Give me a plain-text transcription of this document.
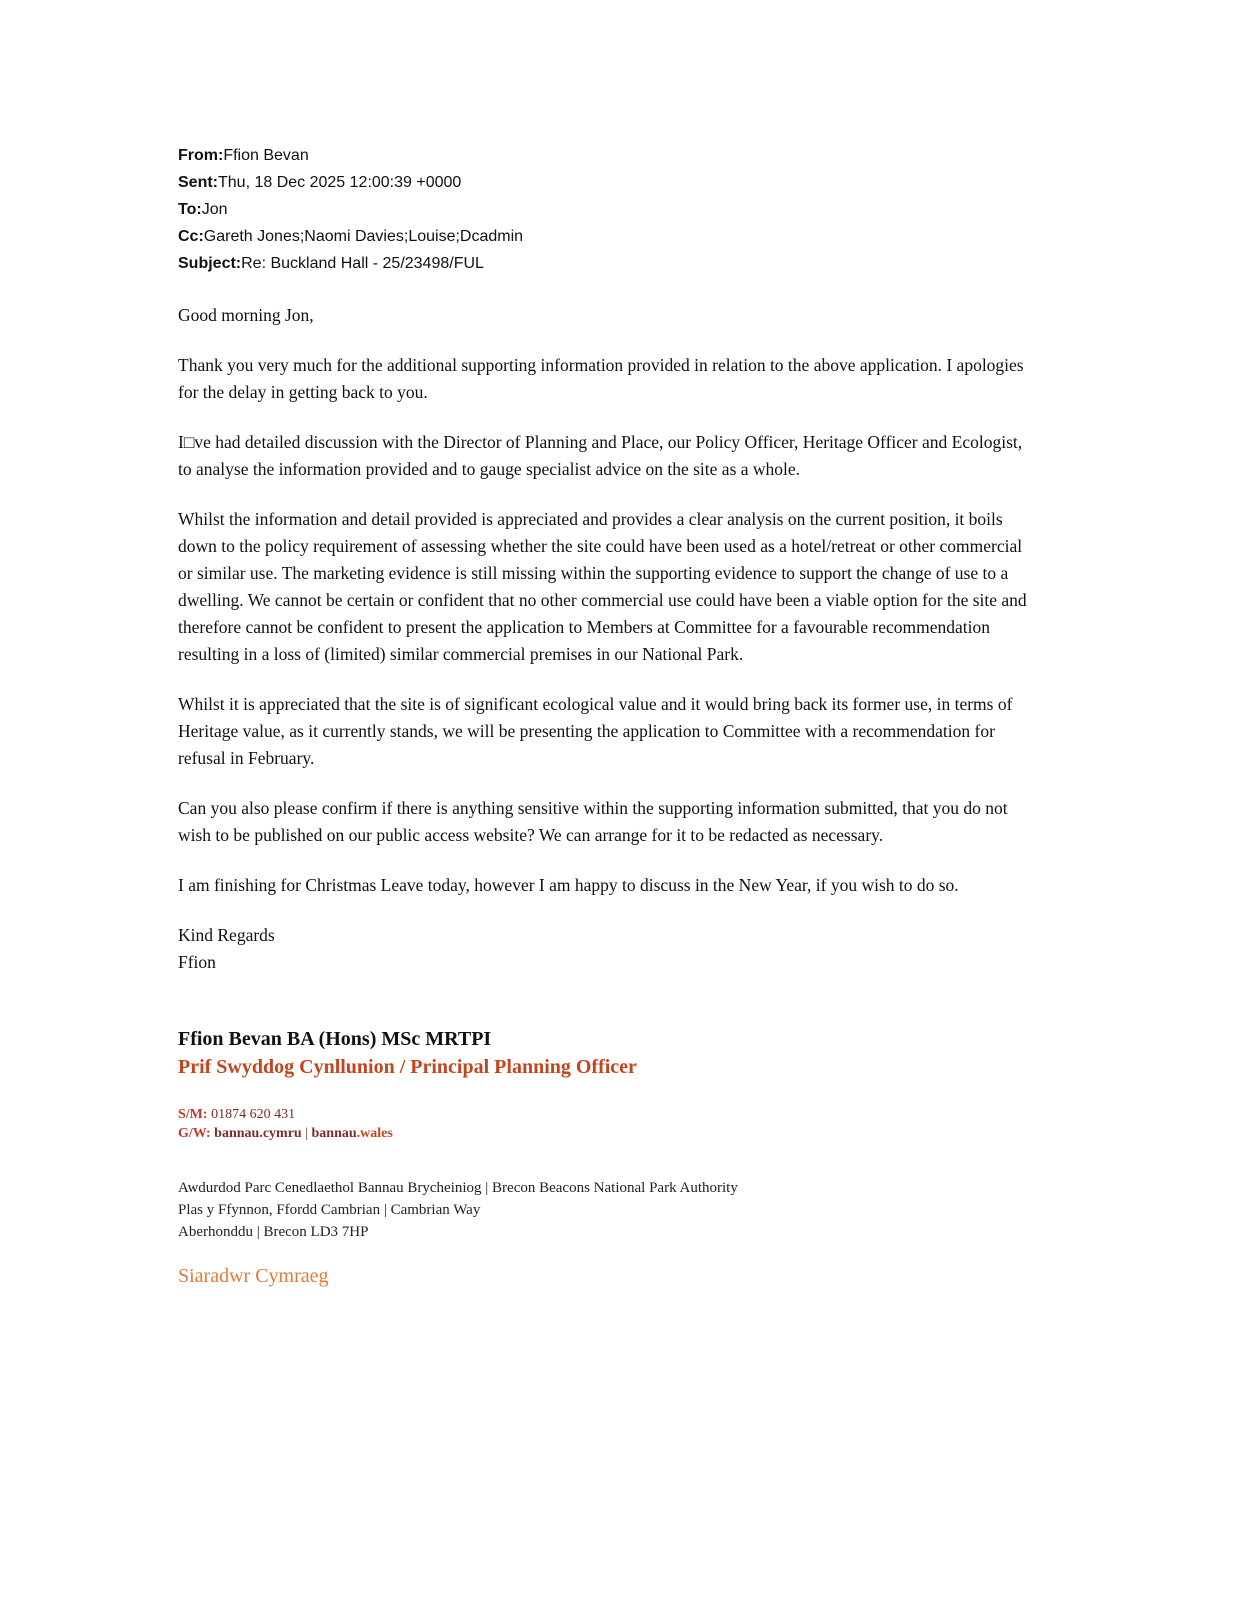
From:Ffion Bevan
Sent:Thu, 18 Dec 2025 12:00:39 +0000
To:Jon
Cc:Gareth Jones;Naomi Davies;Louise;Dcadmin
Subject:Re: Buckland Hall - 25/23498/FUL

Good morning Jon,

Thank you very much for the additional supporting information provided in relation to the above application. I apologies for the delay in getting back to you.

I□ve had detailed discussion with the Director of Planning and Place, our Policy Officer, Heritage Officer and Ecologist, to analyse the information provided and to gauge specialist advice on the site as a whole.

Whilst the information and detail provided is appreciated and provides a clear analysis on the current position, it boils down to the policy requirement of assessing whether the site could have been used as a hotel/retreat or other commercial or similar use. The marketing evidence is still missing within the supporting evidence to support the change of use to a dwelling. We cannot be certain or confident that no other commercial use could have been a viable option for the site and therefore cannot be confident to present the application to Members at Committee for a favourable recommendation resulting in a loss of (limited) similar commercial premises in our National Park.

Whilst it is appreciated that the site is of significant ecological value and it would bring back its former use, in terms of Heritage value, as it currently stands, we will be presenting the application to Committee with a recommendation for refusal in February.

Can you also please confirm if there is anything sensitive within the supporting information submitted, that you do not wish to be published on our public access website? We can arrange for it to be redacted as necessary.

I am finishing for Christmas Leave today, however I am happy to discuss in the New Year, if you wish to do so.

Kind Regards
Ffion
Ffion Bevan BA (Hons) MSc MRTPI
Prif Swyddog Cynllunion / Principal Planning Officer
S/M: 01874 620 431
G/W: bannau.cymru | bannau.wales
Awdurdod Parc Cenedlaethol Bannau Brycheiniog | Brecon Beacons National Park Authority
Plas y Ffynnon, Ffordd Cambrian | Cambrian Way
Aberhonddu | Brecon LD3 7HP
Siaradwr Cymraeg
